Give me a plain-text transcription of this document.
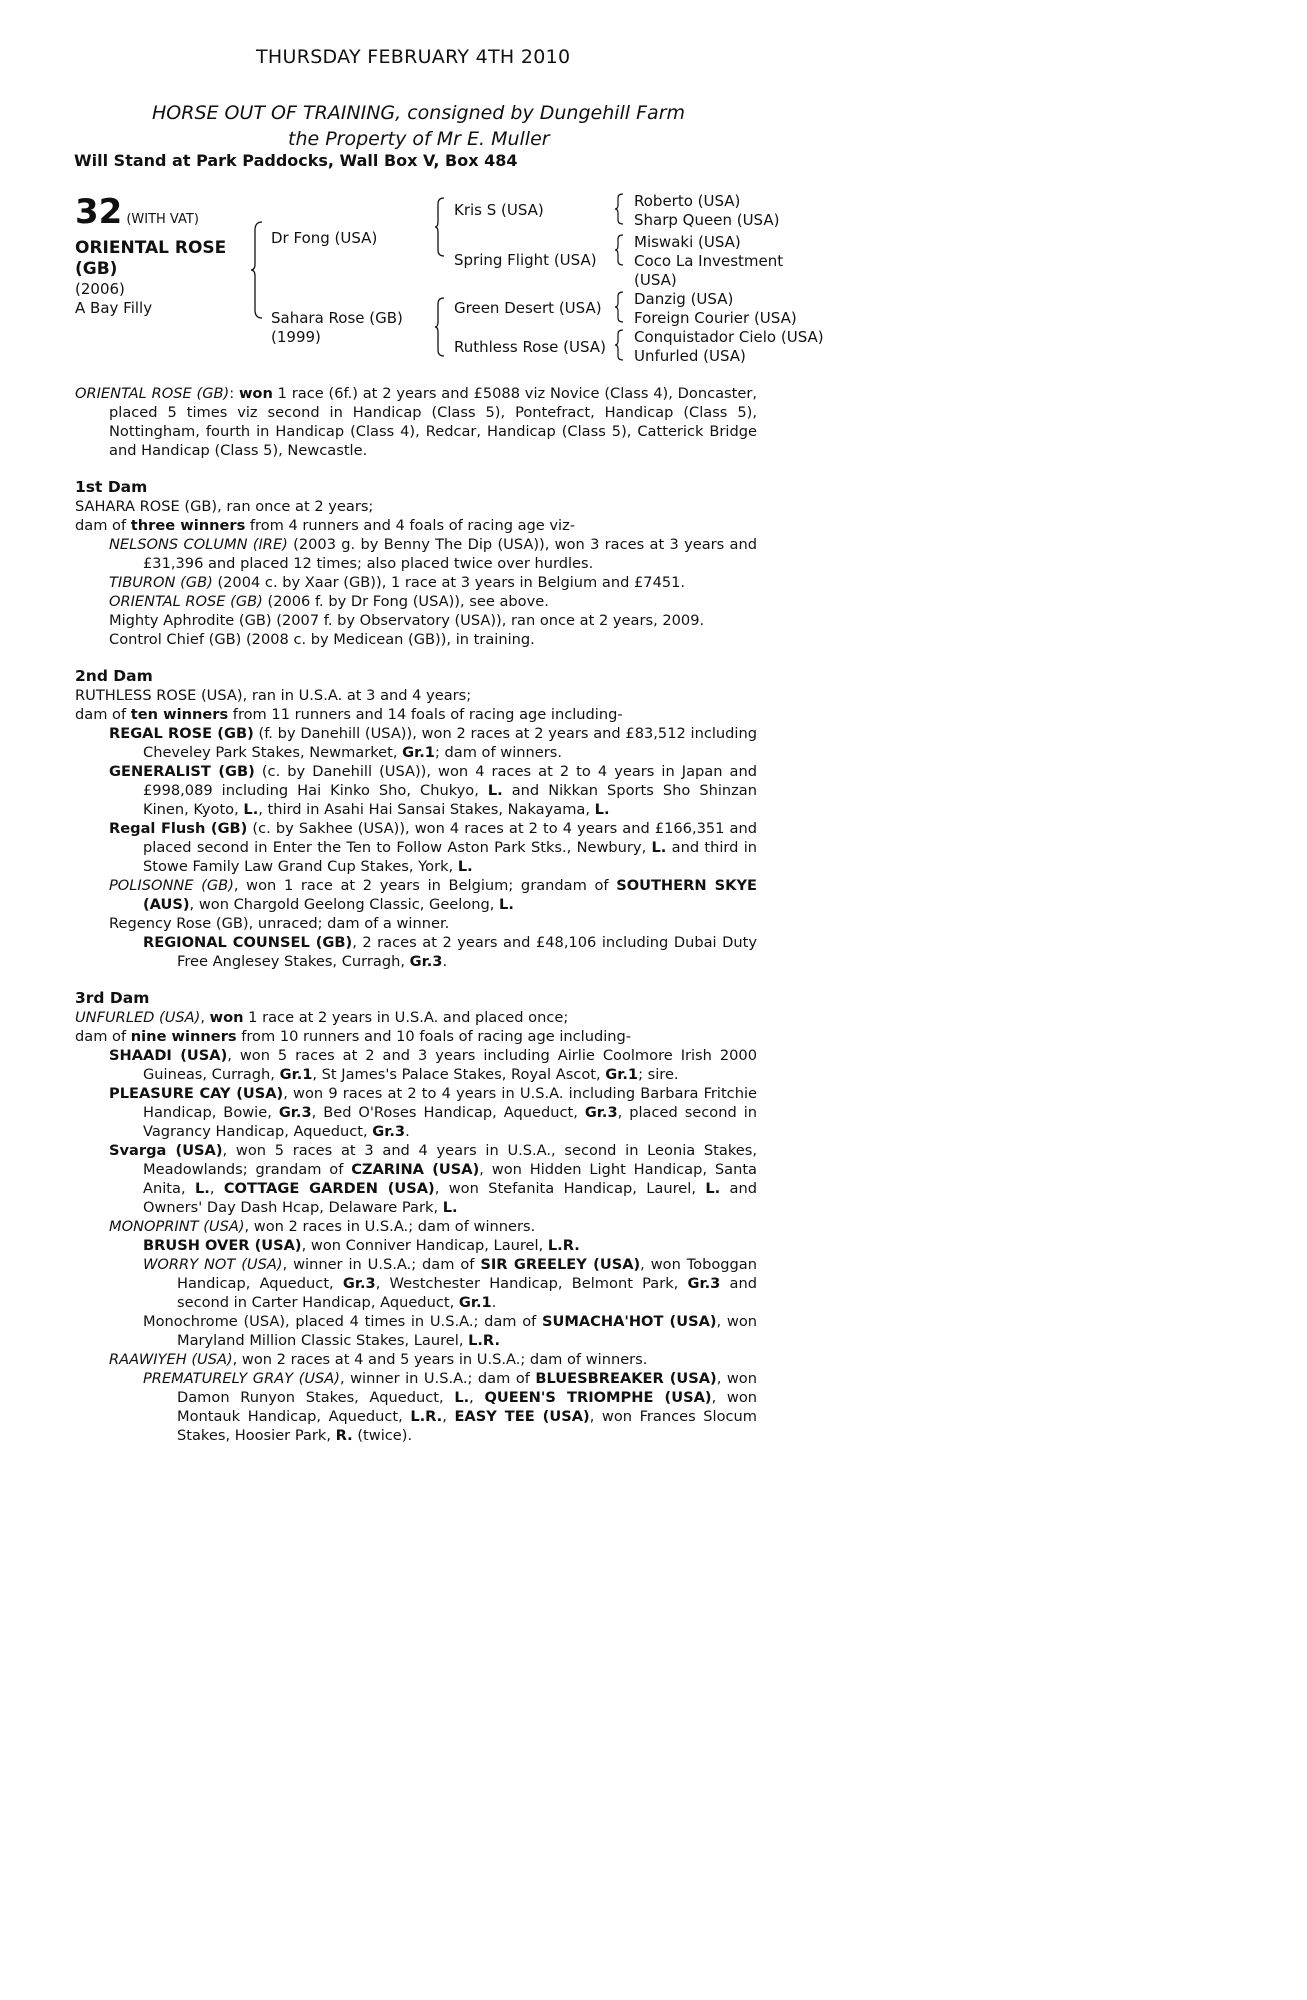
THURSDAY FEBRUARY 4TH 2010
HORSE OUT OF TRAINING, consigned by Dungehill Farm
the Property of Mr E. Muller
Will Stand at Park Paddocks, Wall Box V, Box 484
32 (WITH VAT)
ORIENTAL ROSE
(GB)
(2006)
A Bay Filly
Dr Fong (USA)
Sahara Rose (GB)
(1999)
Kris S (USA)
Spring Flight (USA)
Green Desert (USA)
Ruthless Rose (USA)
Roberto (USA)
Sharp Queen (USA)
Miswaki (USA)
Coco La Investment
(USA)
Danzig (USA)
Foreign Courier (USA)
Conquistador Cielo (USA)
Unfurled (USA)
ORIENTAL ROSE (GB): won 1 race (6f.) at 2 years and £5088 viz Novice (Class 4), Doncaster, placed 5 times viz second in Handicap (Class 5), Pontefract, Handicap (Class 5), Nottingham, fourth in Handicap (Class 4), Redcar, Handicap (Class 5), Catterick Bridge and Handicap (Class 5), Newcastle.
1st Dam
SAHARA ROSE (GB), ran once at 2 years;
dam of three winners from 4 runners and 4 foals of racing age viz-
NELSONS COLUMN (IRE) (2003 g. by Benny The Dip (USA)), won 3 races at 3 years and £31,396 and placed 12 times; also placed twice over hurdles.
TIBURON (GB) (2004 c. by Xaar (GB)), 1 race at 3 years in Belgium and £7451.
ORIENTAL ROSE (GB) (2006 f. by Dr Fong (USA)), see above.
Mighty Aphrodite (GB) (2007 f. by Observatory (USA)), ran once at 2 years, 2009.
Control Chief (GB) (2008 c. by Medicean (GB)), in training.
2nd Dam
RUTHLESS ROSE (USA), ran in U.S.A. at 3 and 4 years;
dam of ten winners from 11 runners and 14 foals of racing age including-
REGAL ROSE (GB) (f. by Danehill (USA)), won 2 races at 2 years and £83,512 including Cheveley Park Stakes, Newmarket, Gr.1; dam of winners.
GENERALIST (GB) (c. by Danehill (USA)), won 4 races at 2 to 4 years in Japan and £998,089 including Hai Kinko Sho, Chukyo, L. and Nikkan Sports Sho Shinzan Kinen, Kyoto, L., third in Asahi Hai Sansai Stakes, Nakayama, L.
Regal Flush (GB) (c. by Sakhee (USA)), won 4 races at 2 to 4 years and £166,351 and placed second in Enter the Ten to Follow Aston Park Stks., Newbury, L. and third in Stowe Family Law Grand Cup Stakes, York, L.
POLISONNE (GB), won 1 race at 2 years in Belgium; grandam of SOUTHERN SKYE (AUS), won Chargold Geelong Classic, Geelong, L.
Regency Rose (GB), unraced; dam of a winner.
REGIONAL COUNSEL (GB), 2 races at 2 years and £48,106 including Dubai Duty Free Anglesey Stakes, Curragh, Gr.3.
3rd Dam
UNFURLED (USA), won 1 race at 2 years in U.S.A. and placed once;
dam of nine winners from 10 runners and 10 foals of racing age including-
SHAADI (USA), won 5 races at 2 and 3 years including Airlie Coolmore Irish 2000 Guineas, Curragh, Gr.1, St James's Palace Stakes, Royal Ascot, Gr.1; sire.
PLEASURE CAY (USA), won 9 races at 2 to 4 years in U.S.A. including Barbara Fritchie Handicap, Bowie, Gr.3, Bed O'Roses Handicap, Aqueduct, Gr.3, placed second in Vagrancy Handicap, Aqueduct, Gr.3.
Svarga (USA), won 5 races at 3 and 4 years in U.S.A., second in Leonia Stakes, Meadowlands; grandam of CZARINA (USA), won Hidden Light Handicap, Santa Anita, L., COTTAGE GARDEN (USA), won Stefanita Handicap, Laurel, L. and Owners' Day Dash Hcap, Delaware Park, L.
MONOPRINT (USA), won 2 races in U.S.A.; dam of winners.
BRUSH OVER (USA), won Conniver Handicap, Laurel, L.R.
WORRY NOT (USA), winner in U.S.A.; dam of SIR GREELEY (USA), won Toboggan Handicap, Aqueduct, Gr.3, Westchester Handicap, Belmont Park, Gr.3 and second in Carter Handicap, Aqueduct, Gr.1.
Monochrome (USA), placed 4 times in U.S.A.; dam of SUMACHA'HOT (USA), won Maryland Million Classic Stakes, Laurel, L.R.
RAAWIYEH (USA), won 2 races at 4 and 5 years in U.S.A.; dam of winners.
PREMATURELY GRAY (USA), winner in U.S.A.; dam of BLUESBREAKER (USA), won Damon Runyon Stakes, Aqueduct, L., QUEEN'S TRIOMPHE (USA), won Montauk Handicap, Aqueduct, L.R., EASY TEE (USA), won Frances Slocum Stakes, Hoosier Park, R. (twice).
